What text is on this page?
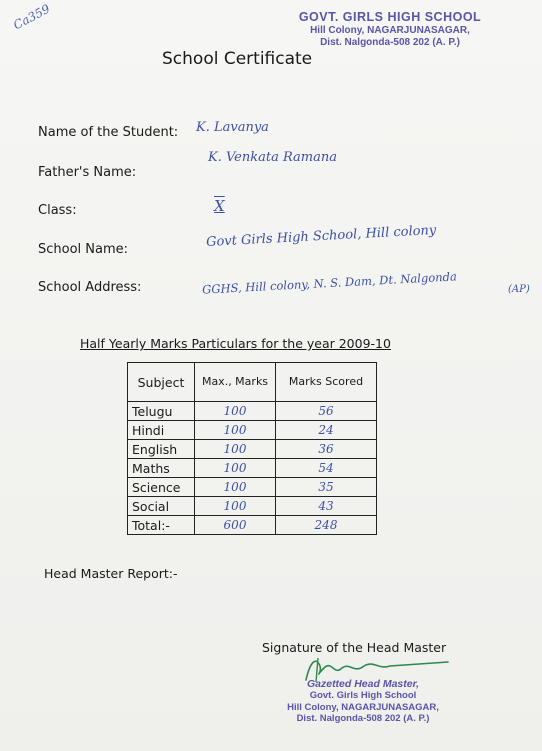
Ca359	GOVT. GIRLS HIGH SCHOOL
Hill Colony, NAGARJUNASAGAR,
Dist. Nalgonda-508 202 (A. P.)
School Certificate
Name of the Student: K. Lavanya
Father's Name:
K. Venkata Ramana
Class:	X
School Name:	Govt Girls High School, Hill colony
School Address:	GGHS, Hill colony, N. S. Dam, Dt. Nalgonda	(AP)
Half Yearly Marks Particulars for the year 2009-10
Subject	Max., Marks	Marks Scored
Telugu	100	56
Hindi	100	24
English	100	36
Maths	100	54
Science	100	35
Social	100	43
Total:-	600	248
Head Master Report:-
Signature of the Head Master
Gazetted Head Master,
Govt. Girls High School
Hill Colony, NAGARJUNASAGAR,
Dist. Nalgonda-508 202 (A. P.)
